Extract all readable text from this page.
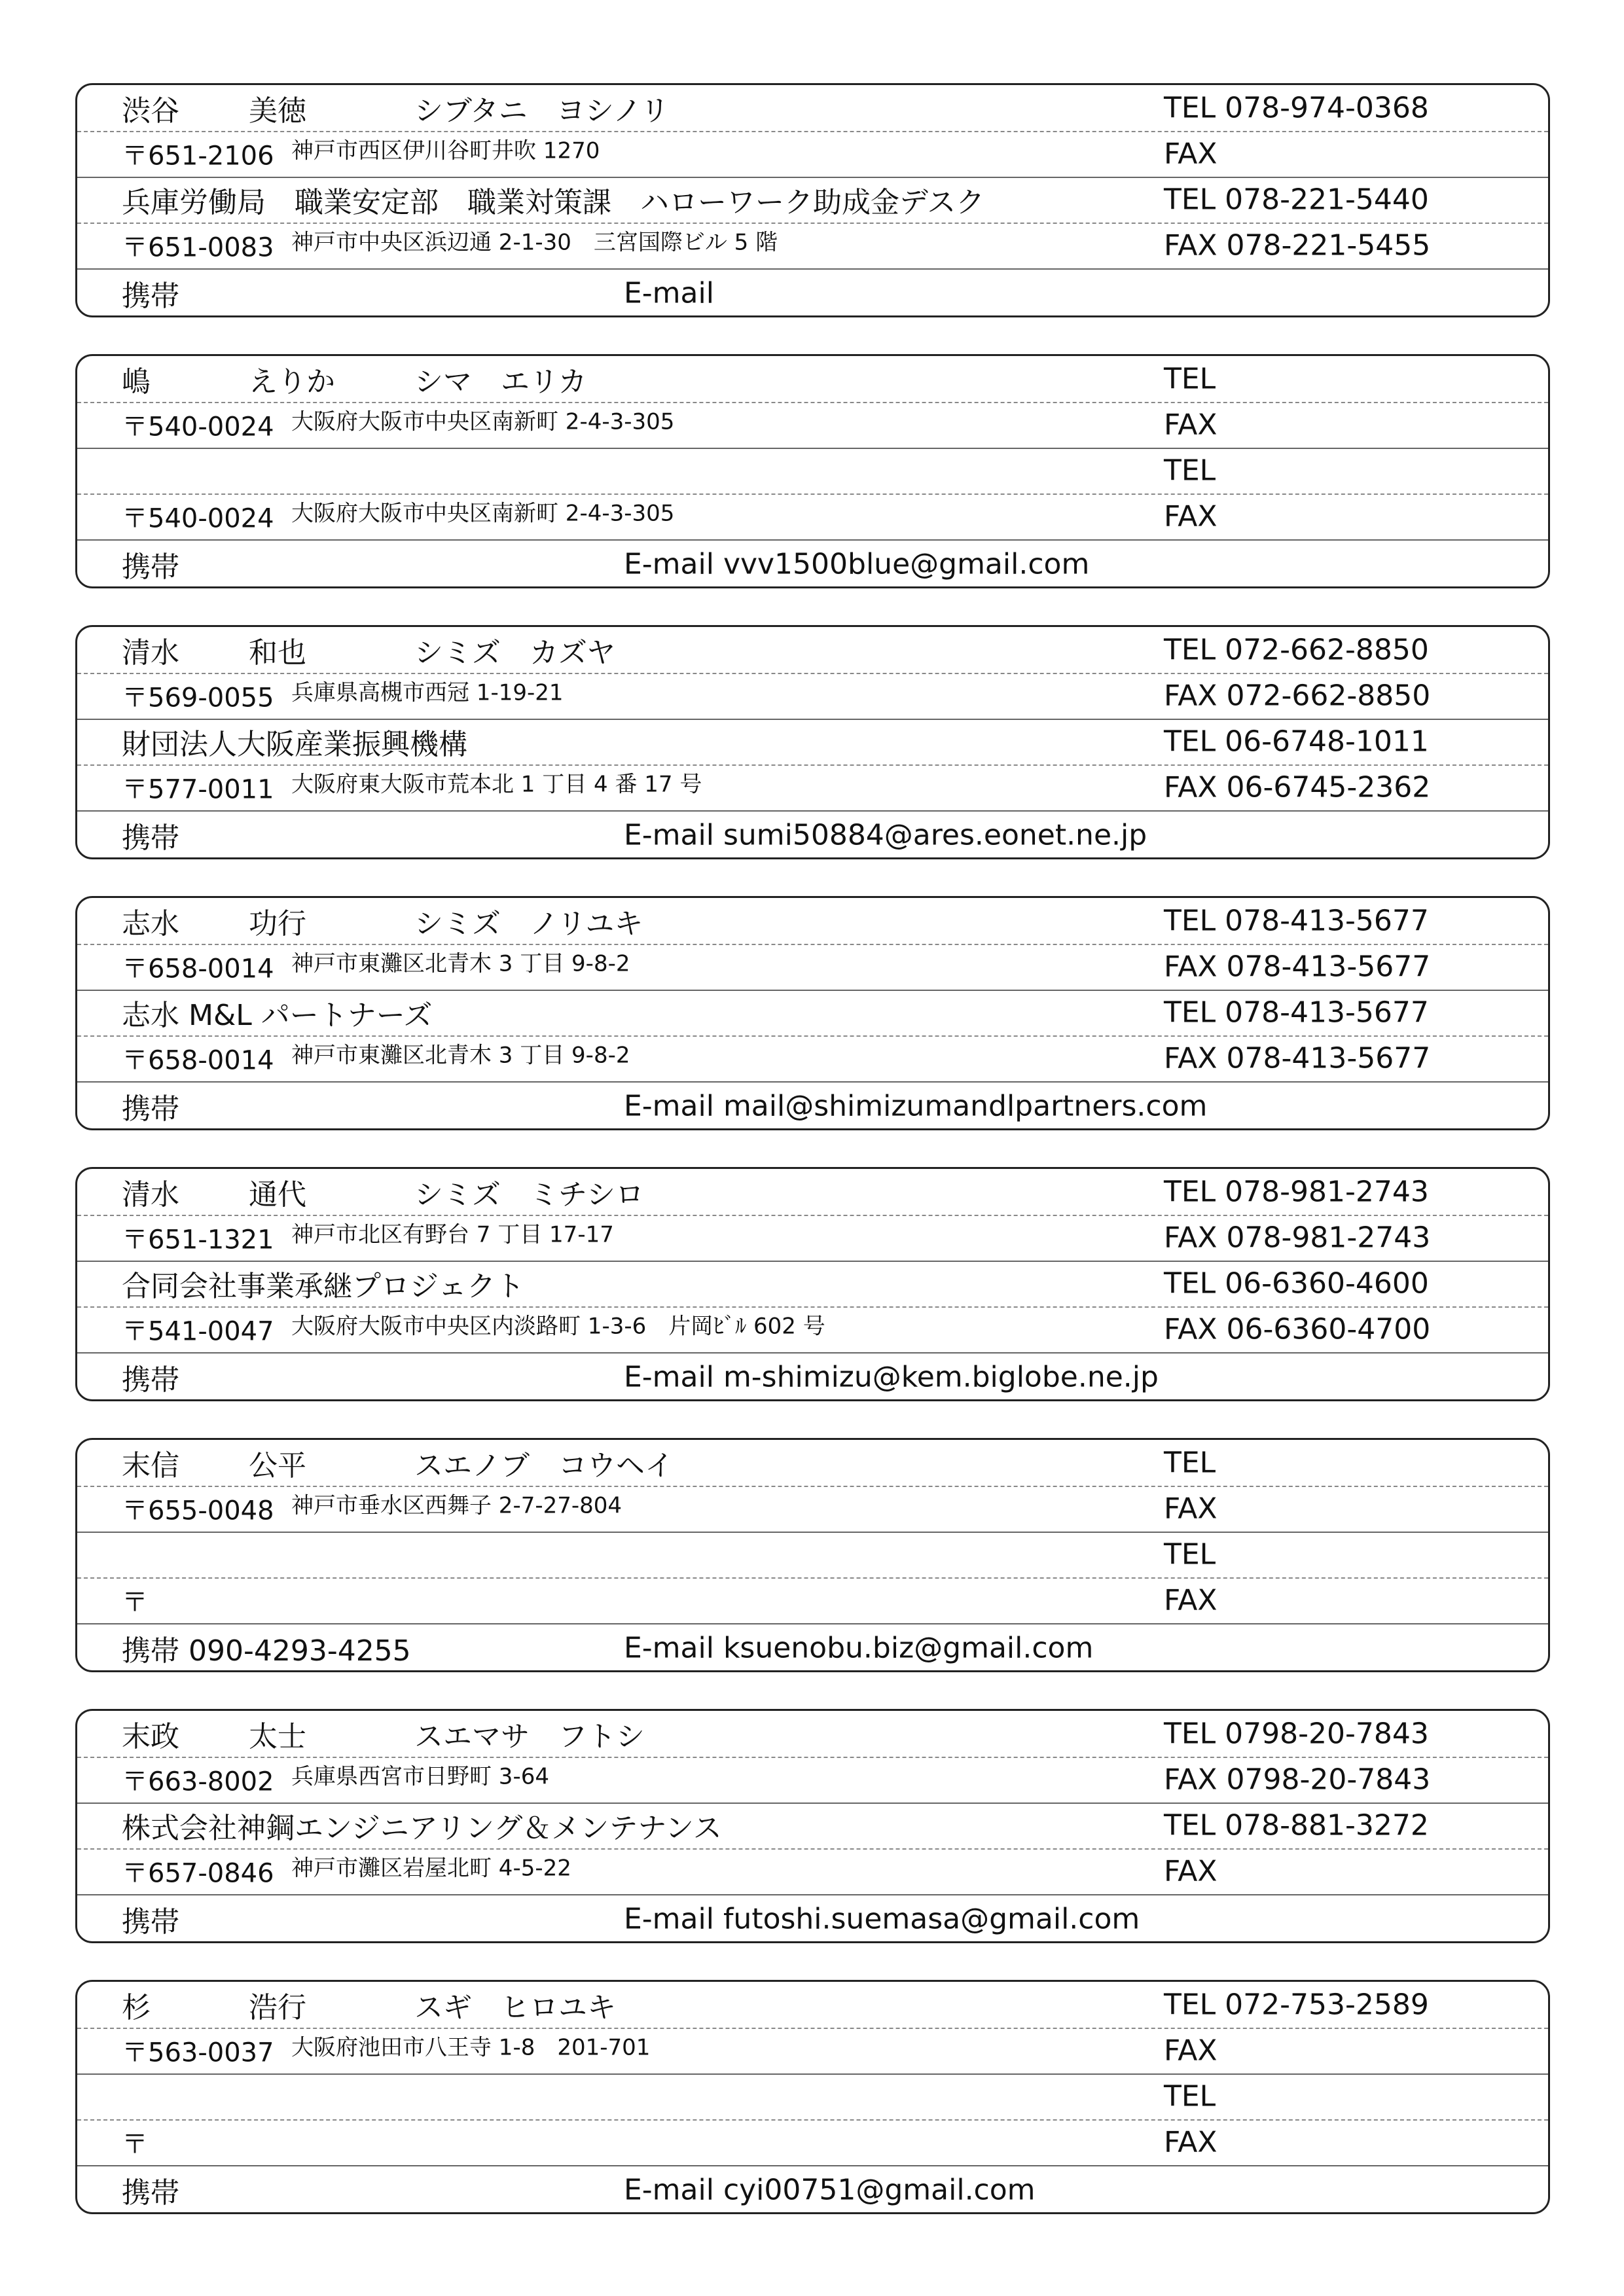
渋谷 美徳	シブタニ　ヨシノリ	TEL 078-974-0368
〒651-2106 神戸市西区伊川谷町井吹 1270	FAX
兵庫労働局　職業安定部　職業対策課　ハローワーク助成金デスク	TEL 078-221-5440
〒651-0083 神戸市中央区浜辺通 2-1-30　三宮国際ビル 5 階	FAX 078-221-5455
携帯	E-mail
嶋	えりか	シマ　エリカ	TEL
〒540-0024 大阪府大阪市中央区南新町 2-4-3-305	FAX
TEL
〒540-0024 大阪府大阪市中央区南新町 2-4-3-305	FAX
携帯	E-mail vvv1500blue@gmail.com
清水 和也	シミズ　カズヤ	TEL 072-662-8850
〒569-0055 兵庫県高槻市西冠 1-19-21	FAX 072-662-8850
財団法人大阪産業振興機構	TEL 06-6748-1011
〒577-0011 大阪府東大阪市荒本北 1 丁目 4 番 17 号	FAX 06-6745-2362
携帯	E-mail sumi50884@ares.eonet.ne.jp
志水 功行	シミズ　ノリユキ	TEL 078-413-5677
〒658-0014 神戸市東灘区北青木 3 丁目 9-8-2	FAX 078-413-5677
志水 M&L パートナーズ	TEL 078-413-5677
〒658-0014 神戸市東灘区北青木 3 丁目 9-8-2	FAX 078-413-5677
携帯	E-mail mail@shimizumandlpartners.com
清水 通代	シミズ　ミチシロ	TEL 078-981-2743
〒651-1321 神戸市北区有野台 7 丁目 17-17	FAX 078-981-2743
合同会社事業承継プロジェクト	TEL 06-6360-4600
〒541-0047 大阪府大阪市中央区内淡路町 1-3-6　片岡ﾋﾞﾙ 602 号	FAX 06-6360-4700
携帯	E-mail m-shimizu@kem.biglobe.ne.jp
末信 公平	スエノブ　コウヘイ	TEL
〒655-0048 神戸市垂水区西舞子 2-7-27-804	FAX
TEL
〒	FAX
携帯 090-4293-4255	E-mail ksuenobu.biz@gmail.com
末政 太士	スエマサ　フトシ	TEL 0798-20-7843
〒663-8002 兵庫県西宮市日野町 3-64	FAX 0798-20-7843
株式会社神鋼エンジニアリング＆メンテナンス	TEL 078-881-3272
〒657-0846 神戸市灘区岩屋北町 4-5-22	FAX
携帯	E-mail futoshi.suemasa@gmail.com
杉	浩行	スギ　ヒロユキ	TEL 072-753-2589
〒563-0037 大阪府池田市八王寺 1-8　201-701	FAX
TEL
〒	FAX
携帯	E-mail cyi00751@gmail.com
